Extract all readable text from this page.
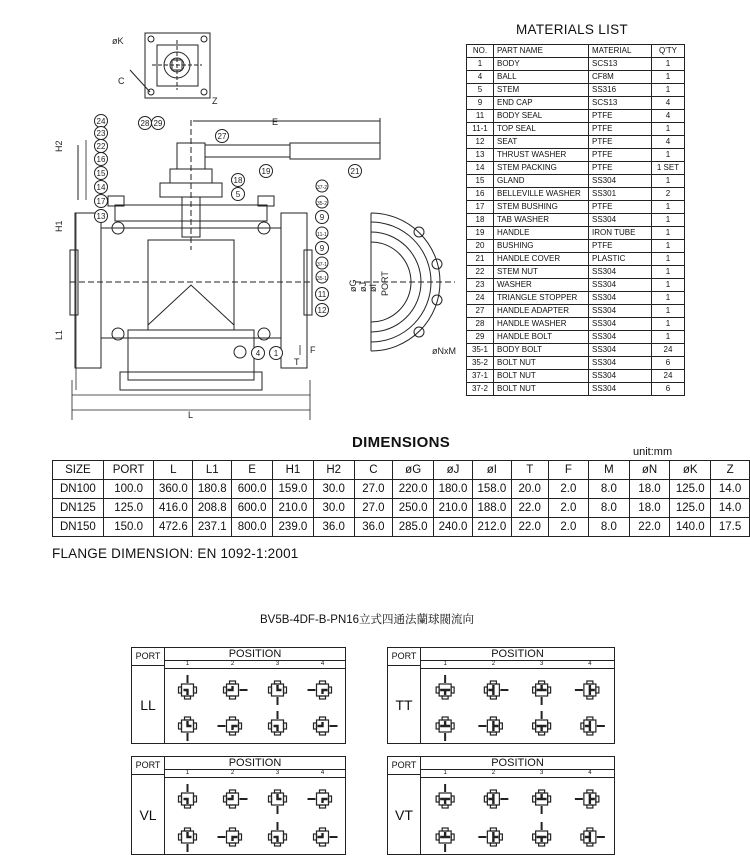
øK
Z
C
E
H2
H1
L1
L
T
F
øG øJ øI PORT
øNxM
24
23
22
16
15
14
17
13
28 29
27
37-2
35-2
9
11-1
9
37-1
35-1
11
12
18
5
19	21
4 1
MATERIALS LIST
NO.	PART NAME	MATERIAL	Q'TY
1	BODY	SCS13	1
4	BALL	CF8M	1
5	STEM	SS316	1
9	END CAP	SCS13	4
11	BODY SEAL	PTFE	4
11-1	TOP SEAL	PTFE	1
12	SEAT	PTFE	4
13	THRUST WASHER	PTFE	1
14	STEM PACKING	PTFE	1 SET
15	GLAND	SS304	1
16	BELLEVILLE WASHER	SS301	2
17	STEM BUSHING	PTFE	1
18	TAB WASHER	SS304	1
19	HANDLE	IRON TUBE	1
20	BUSHING	PTFE	1
21	HANDLE COVER	PLASTIC	1
22	STEM NUT	SS304	1
23	WASHER	SS304	1
24	TRIANGLE STOPPER	SS304	1
27	HANDLE ADAPTER	SS304	1
28	HANDLE WASHER	SS304	1
29	HANDLE BOLT	SS304	1
35-1	BODY BOLT	SS304	24
35-2	BOLT NUT	SS304	6
37-1	BOLT NUT	SS304	24
37-2	BOLT NUT	SS304	6
DIMENSIONS
unit:mm
SIZE	PORT	L	L1	E	H1	H2	C	øG	øJ	øI	T	F	M	øN	øK	Z
DN100	100.0	360.0	180.8	600.0	159.0	30.0	27.0	220.0	180.0	158.0	20.0	2.0	8.0	18.0	125.0	14.0
DN125	125.0	416.0	208.8	600.0	210.0	30.0	27.0	250.0	210.0	188.0	22.0	2.0	8.0	18.0	125.0	14.0
DN150	150.0	472.6	237.1	800.0	239.0	36.0	36.0	285.0	240.0	212.0	22.0	2.0	8.0	22.0	140.0	17.5
FLANGE DIMENSION: EN 1092-1:2001
BV5B-4DF-B-PN16立式四通法蘭球閥流向
PORT	POSITION
1	2	3	4
LL
PORT	POSITION
1	2	3	4
TT
PORT	POSITION
1	2	3	4
VL
PORT	POSITION
1	2	3	4
VT
